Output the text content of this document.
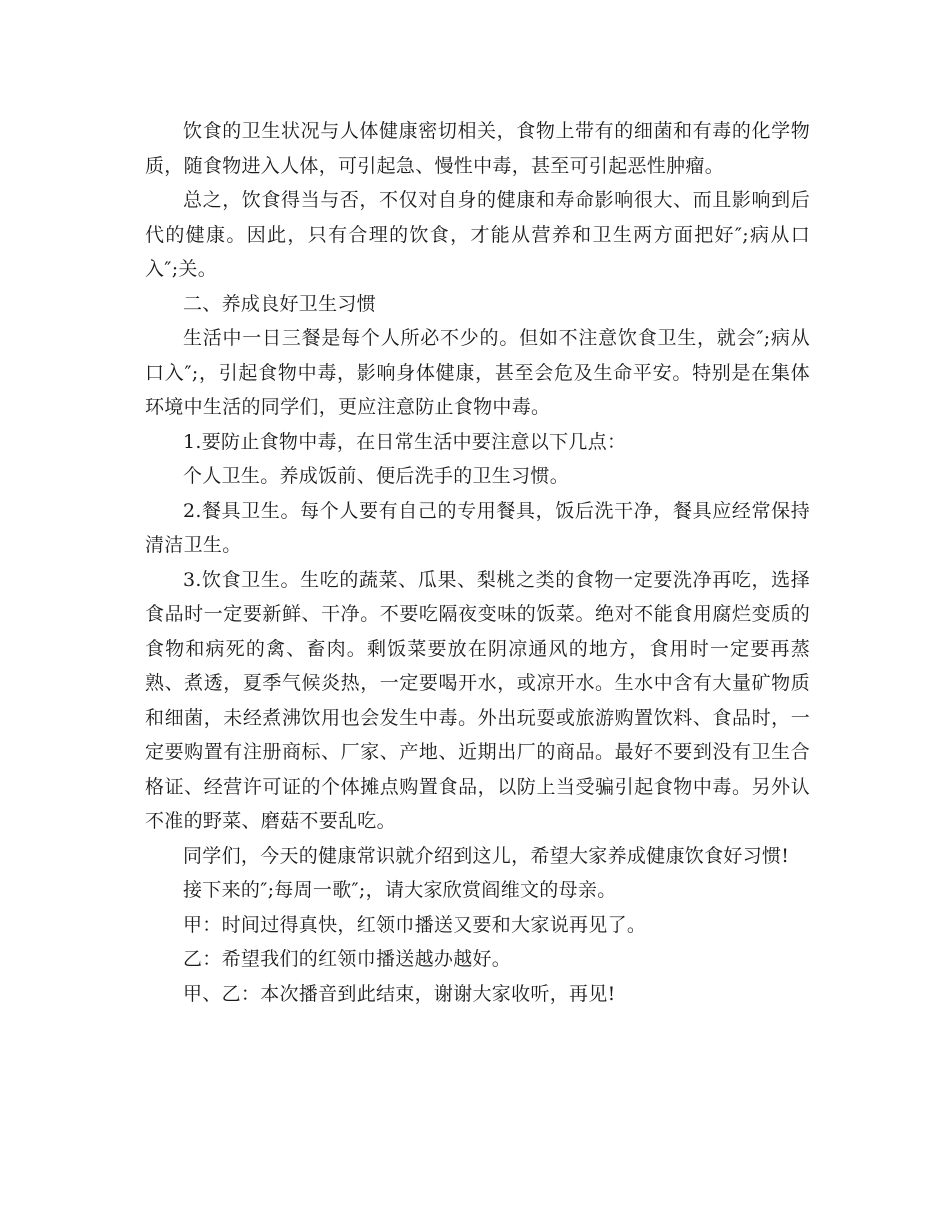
饮食的卫生状况与人体健康密切相关，食物上带有的细菌和有毒的化学物质，随食物进入人体，可引起急、慢性中毒，甚至可引起恶性肿瘤。

总之，饮食得当与否，不仅对自身的健康和寿命影响很大、而且影响到后代的健康。因此，只有合理的饮食，才能从营养和卫生两方面把好″;病从口入″;关。

二、养成良好卫生习惯

生活中一日三餐是每个人所必不少的。但如不注意饮食卫生，就会″;病从口入″;，引起食物中毒，影响身体健康，甚至会危及生命平安。特别是在集体环境中生活的同学们，更应注意防止食物中毒。

1.要防止食物中毒，在日常生活中要注意以下几点：

个人卫生。养成饭前、便后洗手的卫生习惯。

2.餐具卫生。每个人要有自己的专用餐具，饭后洗干净，餐具应经常保持清洁卫生。

3.饮食卫生。生吃的蔬菜、瓜果、梨桃之类的食物一定要洗净再吃，选择食品时一定要新鲜、干净。不要吃隔夜变味的饭菜。绝对不能食用腐烂变质的食物和病死的禽、畜肉。剩饭菜要放在阴凉通风的地方，食用时一定要再蒸熟、煮透，夏季气候炎热，一定要喝开水，或凉开水。生水中含有大量矿物质和细菌，未经煮沸饮用也会发生中毒。外出玩耍或旅游购置饮料、食品时，一定要购置有注册商标、厂家、产地、近期出厂的商品。最好不要到没有卫生合格证、经营许可证的个体摊点购置食品，以防上当受骗引起食物中毒。另外认不准的野菜、磨菇不要乱吃。

同学们，今天的健康常识就介绍到这儿，希望大家养成健康饮食好习惯!

接下来的″;每周一歌″;，请大家欣赏阎维文的母亲。

甲：时间过得真快，红领巾播送又要和大家说再见了。

乙：希望我们的红领巾播送越办越好。

甲、乙：本次播音到此结束，谢谢大家收听，再见!
